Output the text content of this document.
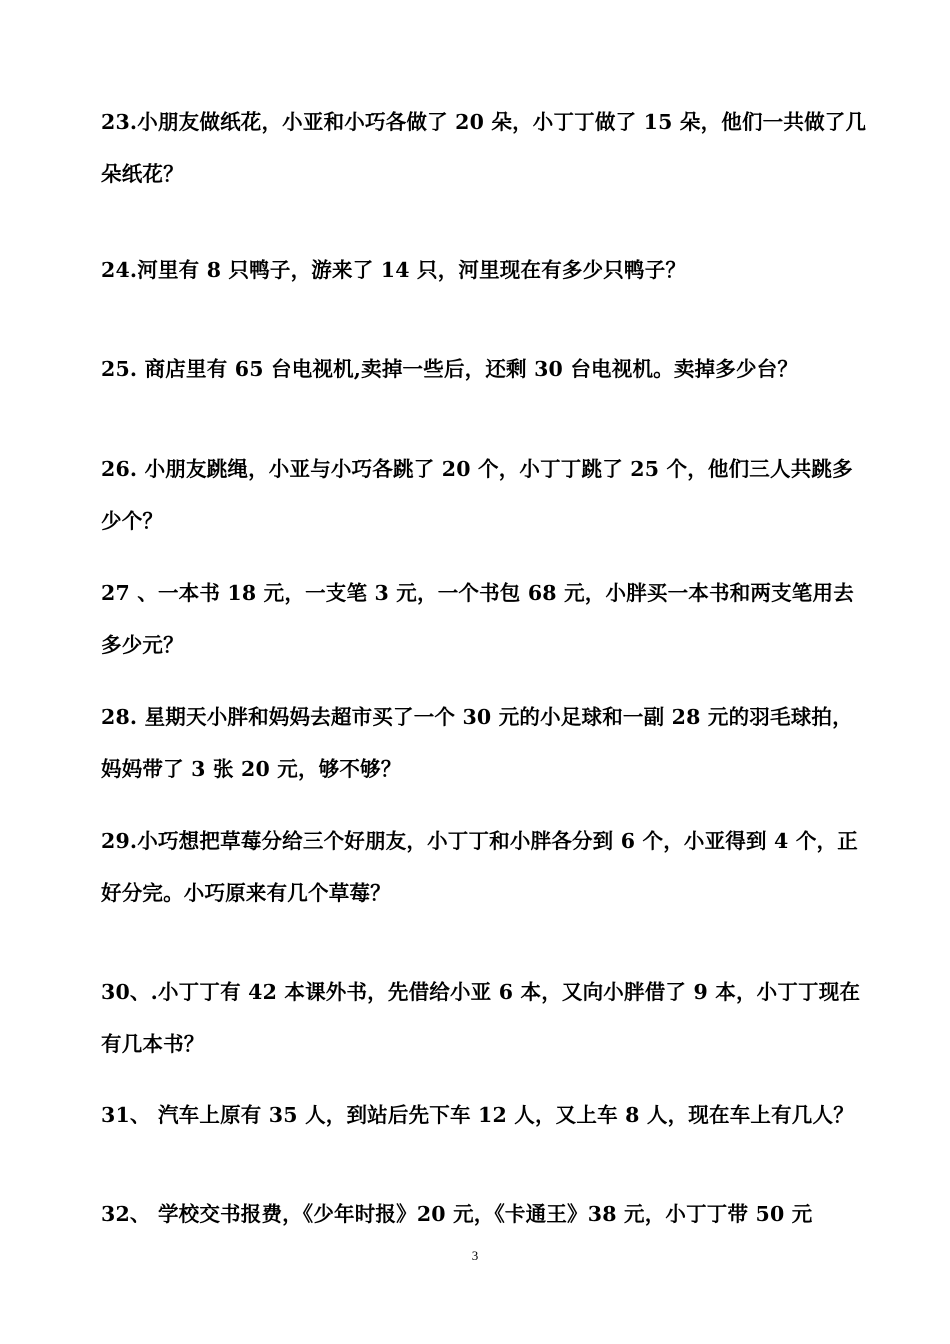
23.小朋友做纸花，小亚和小巧各做了 20 朵，小丁丁做了 15 朵，他们一共做了几朵纸花？

24.河里有 8 只鸭子，游来了 14 只，河里现在有多少只鸭子？

25. 商店里有 65 台电视机,卖掉一些后，还剩 30 台电视机。卖掉多少台？

26. 小朋友跳绳，小亚与小巧各跳了 20 个，小丁丁跳了 25 个，他们三人共跳多少个？

27 、一本书 18 元，一支笔 3 元，一个书包 68 元，小胖买一本书和两支笔用去多少元？

28. 星期天小胖和妈妈去超市买了一个 30 元的小足球和一副 28 元的羽毛球拍，妈妈带了 3 张 20 元，够不够？

29.小巧想把草莓分给三个好朋友，小丁丁和小胖各分到 6 个，小亚得到 4 个，正好分完。小巧原来有几个草莓？

30、.小丁丁有 42 本课外书，先借给小亚 6 本，又向小胖借了 9 本，小丁丁现在有几本书？

31、 汽车上原有 35 人，到站后先下车 12 人，又上车 8 人，现在车上有几人？

32、 学校交书报费，《少年时报》20 元，《卡通王》38 元，小丁丁带 50 元

3
